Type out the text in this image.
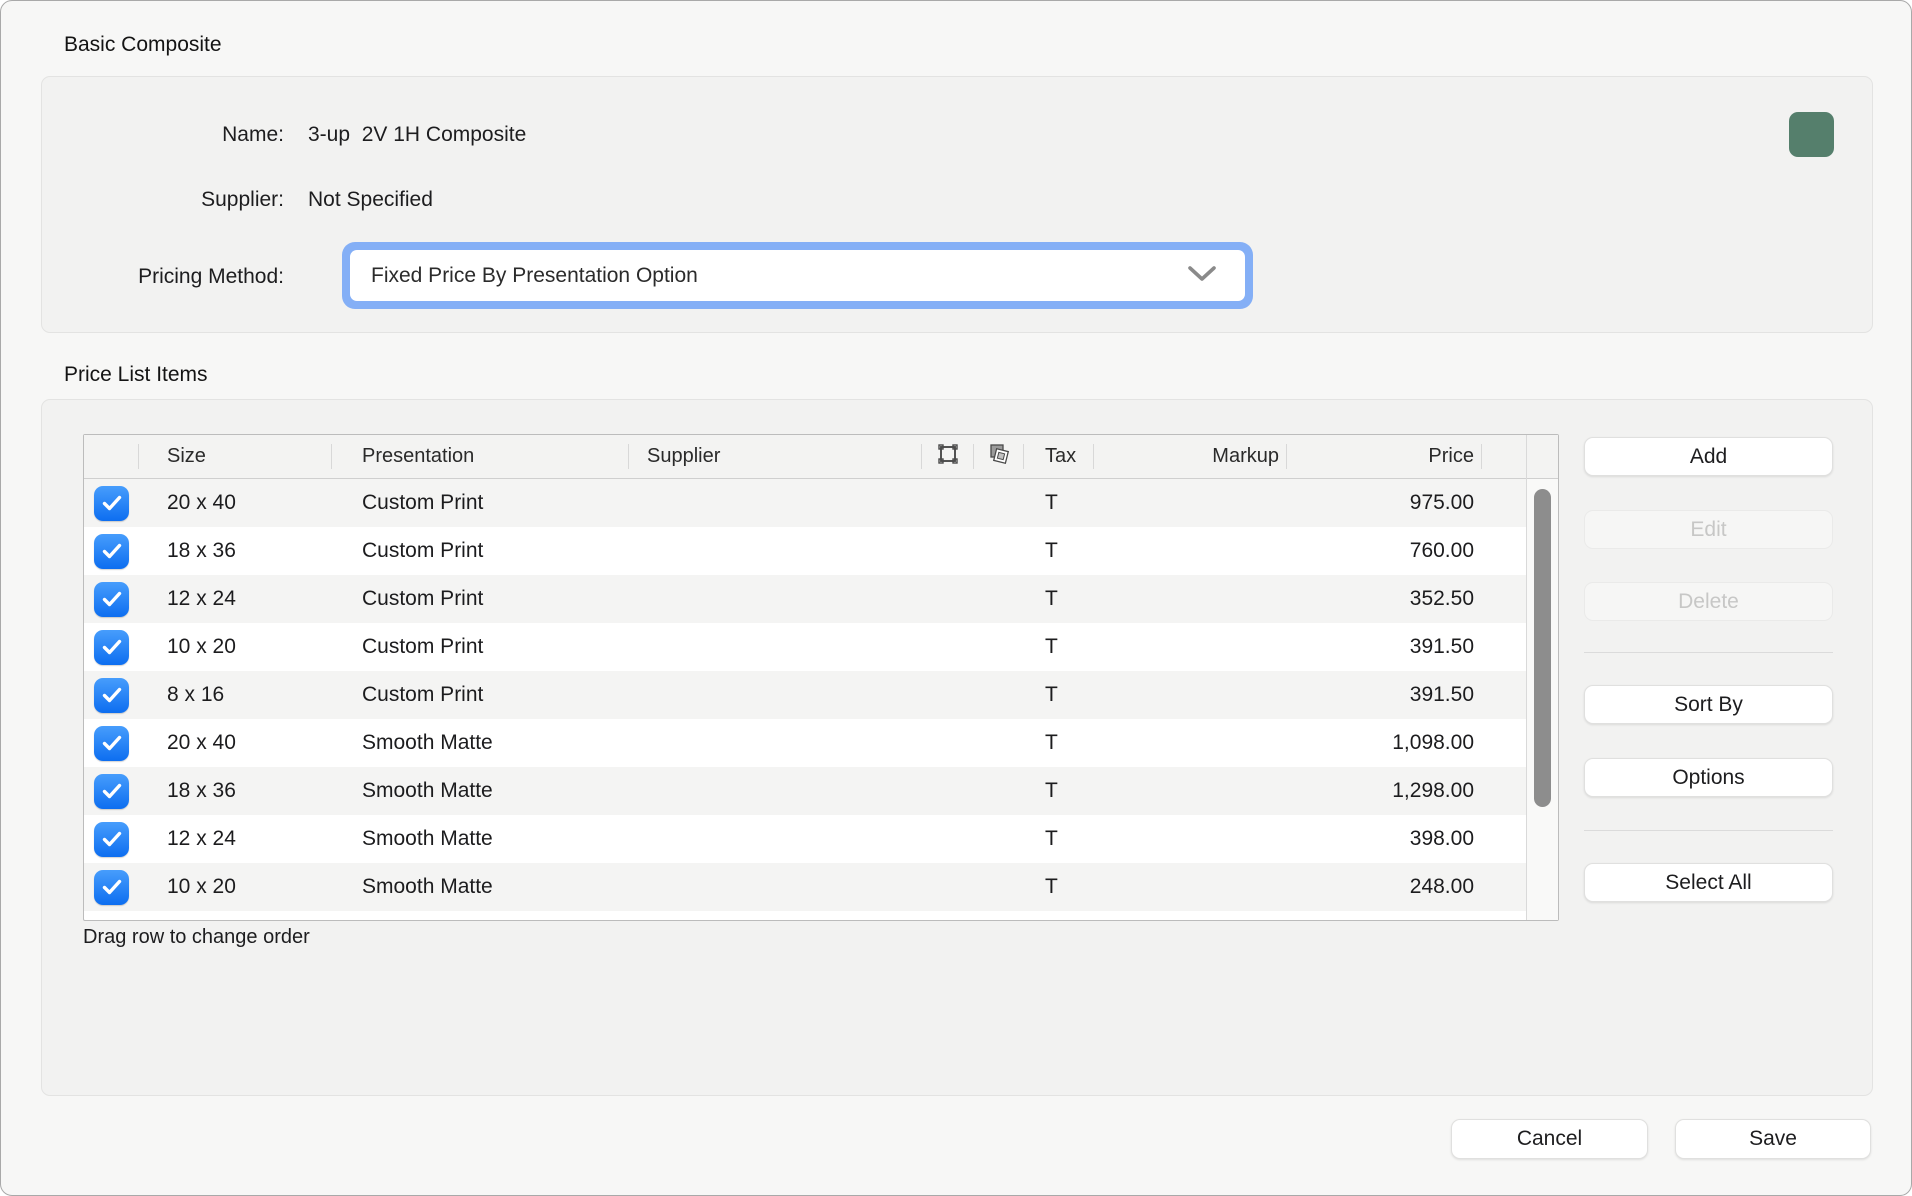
Basic Composite
Name: 3-up  2V 1H Composite
Supplier: Not Specified
Pricing Method:	Fixed Price By Presentation Option
Price List Items
	Size	Presentation	Supplier			Tax	Markup	Price	

	20 x 40	Custom Print				T		975.00	

	18 x 36	Custom Print				T		760.00	

	12 x 24	Custom Print				T		352.50	

	10 x 20	Custom Print				T		391.50	

	8 x 16	Custom Print				T		391.50	

	20 x 40	Smooth Matte				T		1,098.00	

	18 x 36	Smooth Matte				T		1,298.00	

	12 x 24	Smooth Matte				T		398.00	

	10 x 20	Smooth Matte				T		248.00	
Drag row to change order
Add
Edit
Delete
Sort By
Options
Select All
Cancel	Save
